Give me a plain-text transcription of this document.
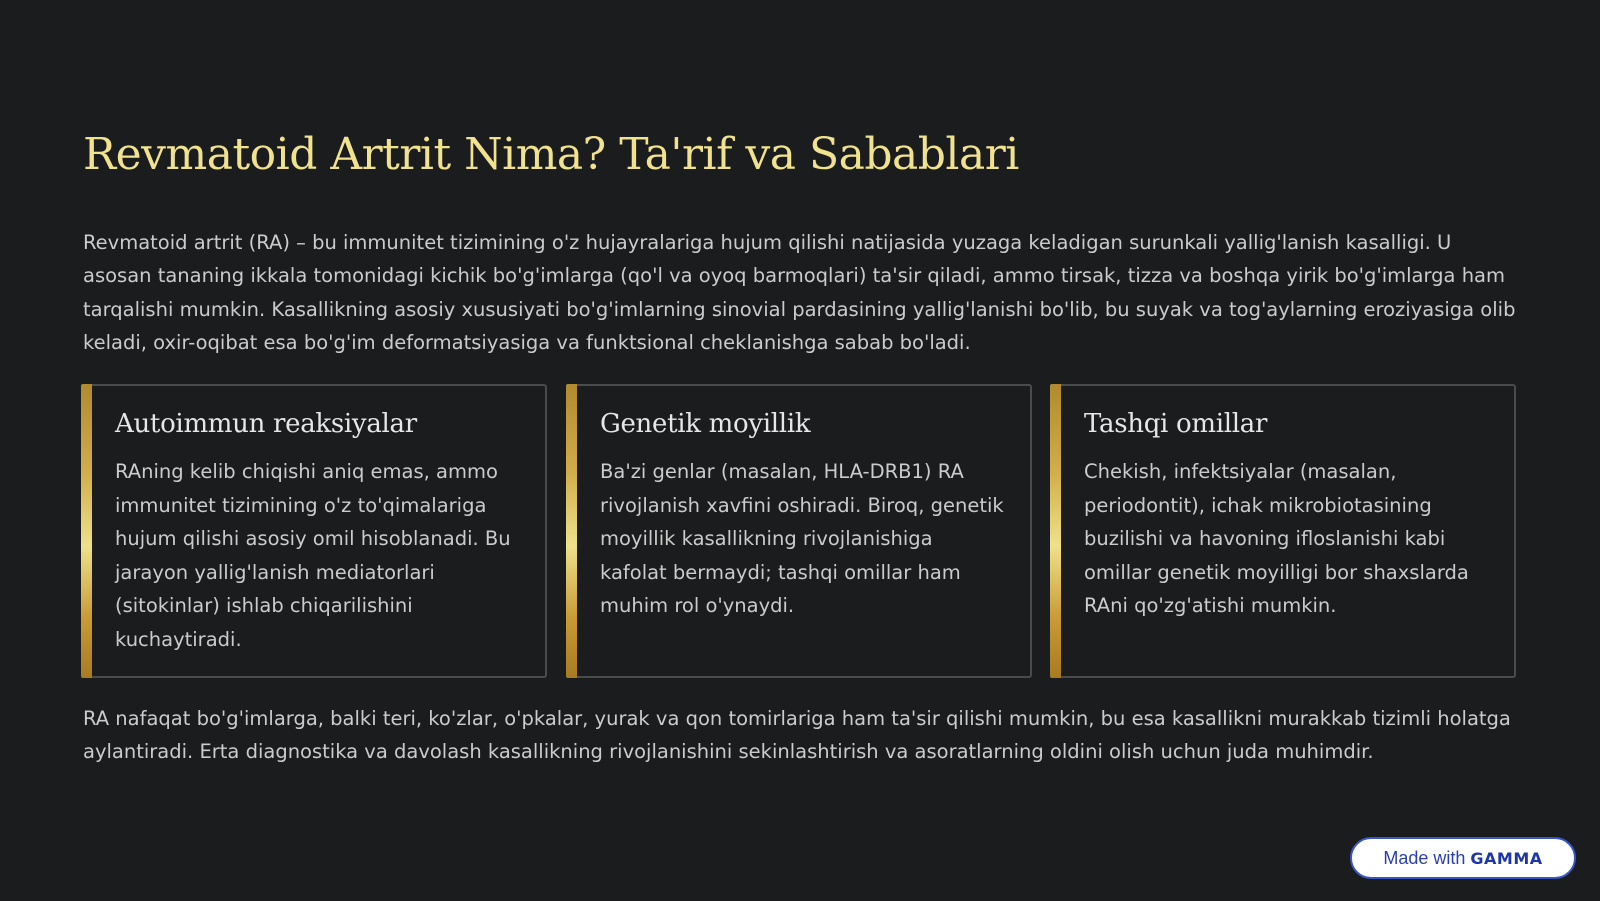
Revmatoid Artrit Nima? Ta'rif va Sabablari

Revmatoid artrit (RA) – bu immunitet tizimining o'z hujayralariga hujum qilishi natijasida yuzaga keladigan surunkali yallig'lanish kasalligi. U asosan tananing ikkala tomonidagi kichik bo'g'imlarga (qo'l va oyoq barmoqlari) ta'sir qiladi, ammo tirsak, tizza va boshqa yirik bo'g'imlarga ham tarqalishi mumkin. Kasallikning asosiy xususiyati bo'g'imlarning sinovial pardasining yallig'lanishi bo'lib, bu suyak va tog'aylarning eroziyasiga olib keladi, oxir-oqibat esa bo'g'im deformatsiyasiga va funktsional cheklanishga sabab bo'ladi.

Autoimmun reaksiyalar

RAning kelib chiqishi aniq emas, ammo immunitet tizimining o'z to'qimalariga hujum qilishi asosiy omil hisoblanadi. Bu jarayon yallig'lanish mediatorlari (sitokinlar) ishlab chiqarilishini kuchaytiradi.

Genetik moyillik

Ba'zi genlar (masalan, HLA-DRB1) RA rivojlanish xavfini oshiradi. Biroq, genetik moyillik kasallikning rivojlanishiga kafolat bermaydi; tashqi omillar ham muhim rol o'ynaydi.

Tashqi omillar

Chekish, infektsiyalar (masalan, periodontit), ichak mikrobiotasining buzilishi va havoning ifloslanishi kabi omillar genetik moyilligi bor shaxslarda RAni qo'zg'atishi mumkin.

RA nafaqat bo'g'imlarga, balki teri, ko'zlar, o'pkalar, yurak va qon tomirlariga ham ta'sir qilishi mumkin, bu esa kasallikni murakkab tizimli holatga aylantiradi. Erta diagnostika va davolash kasallikning rivojlanishini sekinlashtirish va asoratlarning oldini olish uchun juda muhimdir.

Made with GAMMA
